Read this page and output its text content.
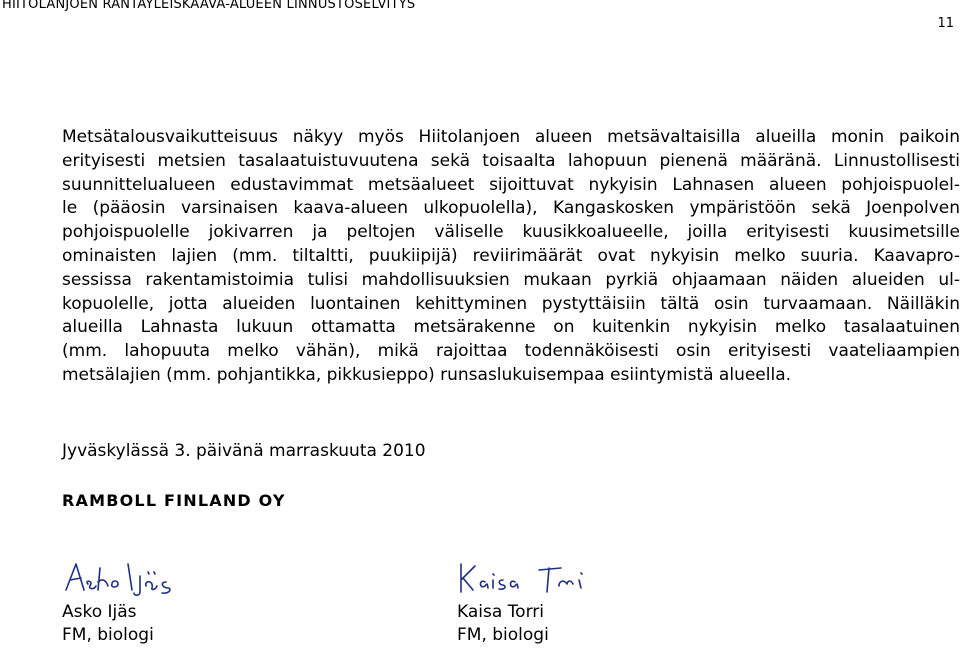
HIITOLANJOEN RANTAYLEISKAAVA-ALUEEN LINNUSTOSELVITYS
11
Metsätalousvaikutteisuus näkyy myös Hiitolanjoen alueen metsävaltaisilla alueilla monin paikoin
erityisesti metsien tasalaatuistuvuutena sekä toisaalta lahopuun pienenä määränä. Linnustollisesti
suunnittelualueen edustavimmat metsäalueet sijoittuvat nykyisin Lahnasen alueen pohjoispuolel-
le (pääosin varsinaisen kaava-alueen ulkopuolella), Kangaskosken ympäristöön sekä Joenpolven
pohjoispuolelle jokivarren ja peltojen väliselle kuusikkoalueelle, joilla erityisesti kuusimetsille
ominaisten lajien (mm. tiltaltti, puukiipijä) reviirimäärät ovat nykyisin melko suuria. Kaavapro-
sessissa rakentamistoimia tulisi mahdollisuuksien mukaan pyrkiä ohjaamaan näiden alueiden ul-
kopuolelle, jotta alueiden luontainen kehittyminen pystyttäisiin tältä osin turvaamaan. Näilläkin
alueilla Lahnasta lukuun ottamatta metsärakenne on kuitenkin nykyisin melko tasalaatuinen
(mm. lahopuuta melko vähän), mikä rajoittaa todennäköisesti osin erityisesti vaateliaampien
metsälajien (mm. pohjantikka, pikkusieppo) runsaslukuisempaa esiintymistä alueella.
Jyväskylässä 3. päivänä marraskuuta 2010
RAMBOLL FINLAND OY
Asko Ijäs
FM, biologi
Kaisa Torri
FM, biologi
